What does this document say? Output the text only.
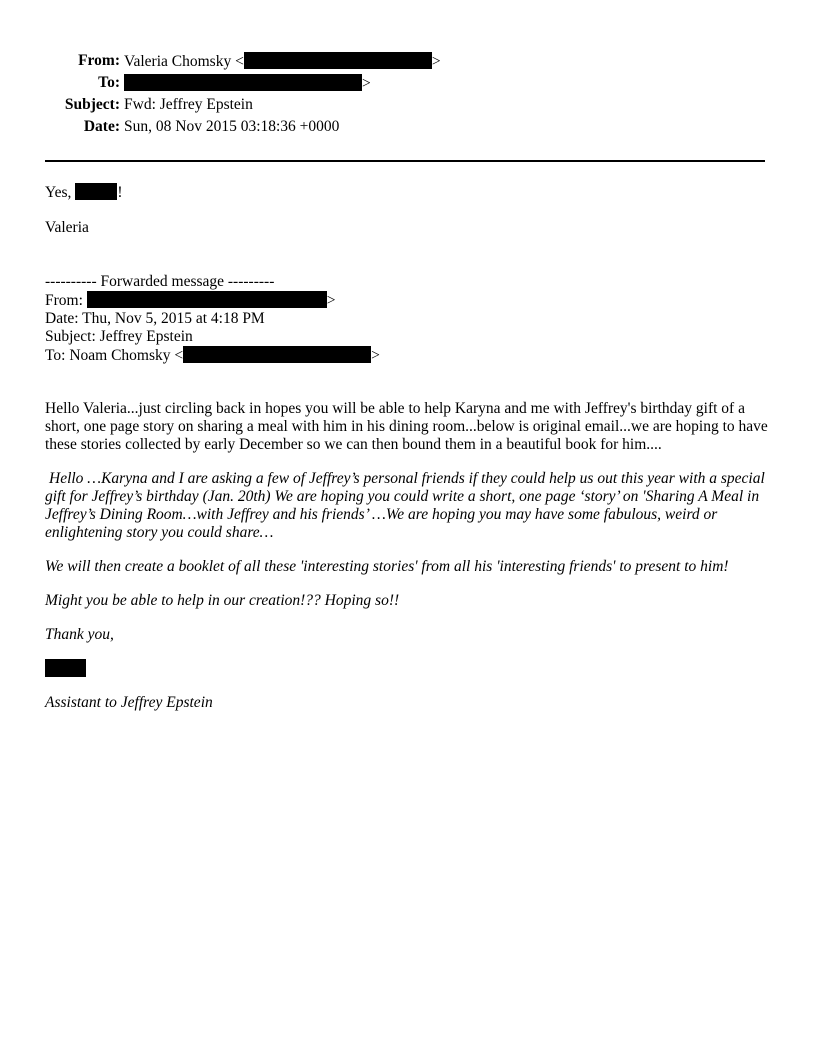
From: Valeria Chomsky <	>
To:	>
Subject: Fwd: Jeffrey Epstein
Date: Sun, 08 Nov 2015 03:18:36 +0000
Yes,	!
Valeria
---------- Forwarded message ---------
From:	>
Date: Thu, Nov 5, 2015 at 4:18 PM
Subject: Jeffrey Epstein
To: Noam Chomsky <	>
Hello Valeria...just circling back in hopes you will be able to help Karyna and me with Jeffrey's birthday gift of a short, one page story on sharing a meal with him in his dining room...below is original email...we are hoping to have these stories collected by early December so we can then bound them in a beautiful book for him....
Hello …Karyna and I are asking a few of Jeffrey’s personal friends if they could help us out this year with a special gift for Jeffrey’s birthday (Jan. 20th) We are hoping you could write a short, one page ‘story’ on 'Sharing A Meal in Jeffrey’s Dining Room…with Jeffrey and his friends’ …We are hoping you may have some fabulous, weird or enlightening story you could share…
We will then create a booklet of all these 'interesting stories' from all his 'interesting friends' to present to him!
Might you be able to help in our creation!?? Hoping so!!
Thank you,
Assistant to Jeffrey Epstein
